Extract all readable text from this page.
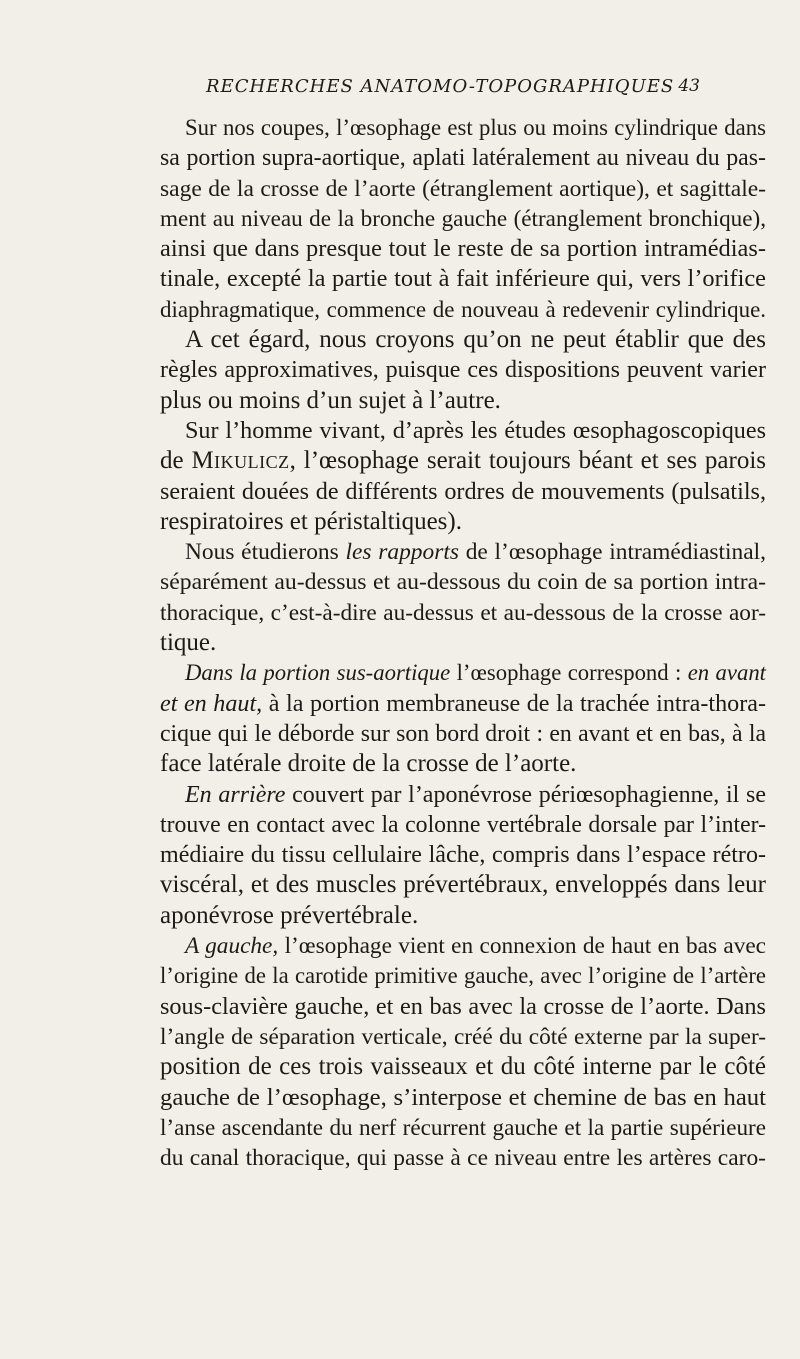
RECHERCHES ANATOMO-TOPOGRAPHIQUES 43
Sur nos coupes, l’œsophage est plus ou moins cylindrique dans
sa portion supra-aortique, aplati latéralement au niveau du pas-
sage de la crosse de l’aorte (étranglement aortique), et sagittale-
ment au niveau de la bronche gauche (étranglement bronchique),
ainsi que dans presque tout le reste de sa portion intramédias-
tinale, excepté la partie tout à fait inférieure qui, vers l’orifice
diaphragmatique, commence de nouveau à redevenir cylindrique.
A cet égard, nous croyons qu’on ne peut établir que des
règles approximatives, puisque ces dispositions peuvent varier
plus ou moins d’un sujet à l’autre.
Sur l’homme vivant, d’après les études œsophagoscopiques
de Mikulicz, l’œsophage serait toujours béant et ses parois
seraient douées de différents ordres de mouvements (pulsatils,
respiratoires et péristaltiques).
Nous étudierons les rapports de l’œsophage intramédiastinal,
séparément au-dessus et au-dessous du coin de sa portion intra-
thoracique, c’est-à-dire au-dessus et au-dessous de la crosse aor-
tique.
Dans la portion sus-aortique l’œsophage correspond : en avant
et en haut, à la portion membraneuse de la trachée intra-thora-
cique qui le déborde sur son bord droit : en avant et en bas, à la
face latérale droite de la crosse de l’aorte.
En arrière couvert par l’aponévrose périœsophagienne, il se
trouve en contact avec la colonne vertébrale dorsale par l’inter-
médiaire du tissu cellulaire lâche, compris dans l’espace rétro-
viscéral, et des muscles prévertébraux, enveloppés dans leur
aponévrose prévertébrale.
A gauche, l’œsophage vient en connexion de haut en bas avec
l’origine de la carotide primitive gauche, avec l’origine de l’artère
sous-clavière gauche, et en bas avec la crosse de l’aorte. Dans
l’angle de séparation verticale, créé du côté externe par la super-
position de ces trois vaisseaux et du côté interne par le côté
gauche de l’œsophage, s’interpose et chemine de bas en haut
l’anse ascendante du nerf récurrent gauche et la partie supérieure
du canal thoracique, qui passe à ce niveau entre les artères caro-
